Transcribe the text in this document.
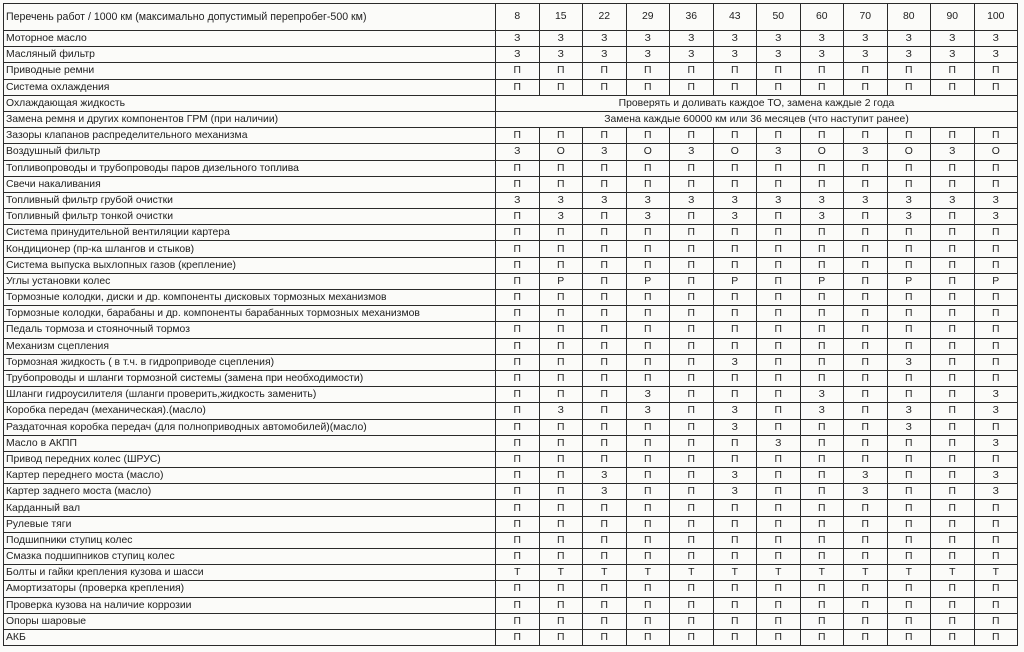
Перечень работ / 1000 км (максимально допустимый перепробег-500 км)	8	15	22	29	36	43	50	60	70	80	90	100
Моторное масло	З	З	З	З	З	З	З	З	З	З	З	З
Масляный фильтр	З	З	З	З	З	З	З	З	З	З	З	З
Приводные ремни	П	П	П	П	П	П	П	П	П	П	П	П
Система охлаждения	П	П	П	П	П	П	П	П	П	П	П	П
Охлаждающая жидкость	Проверять и доливать каждое ТО, замена каждые 2 года											
Замена ремня и других компонентов ГРМ (при наличии)	Замена каждые 60000 км или 36 месяцев (что наступит ранее)											
Зазоры клапанов распределительного механизма	П	П	П	П	П	П	П	П	П	П	П	П
Воздушный фильтр	З	О	З	О	З	О	З	О	З	О	З	О
Топливопроводы и трубопроводы паров дизельного топлива	П	П	П	П	П	П	П	П	П	П	П	П
Свечи накаливания	П	П	П	П	П	П	П	П	П	П	П	П
Топливный фильтр грубой очистки	З	З	З	З	З	З	З	З	З	З	З	З
Топливный фильтр тонкой очистки	П	З	П	З	П	З	П	З	П	З	П	З
Система принудительной вентиляции картера	П	П	П	П	П	П	П	П	П	П	П	П
Кондиционер (пр-ка шлангов и стыков)	П	П	П	П	П	П	П	П	П	П	П	П
Система выпуска выхлопных газов (крепление)	П	П	П	П	П	П	П	П	П	П	П	П
Углы установки колес	П	Р	П	Р	П	Р	П	Р	П	Р	П	Р
Тормозные колодки, диски и др. компоненты дисковых тормозных механизмов	П	П	П	П	П	П	П	П	П	П	П	П
Тормозные колодки, барабаны и др. компоненты барабанных тормозных механизмов	П	П	П	П	П	П	П	П	П	П	П	П
Педаль тормоза и стояночный тормоз	П	П	П	П	П	П	П	П	П	П	П	П
Механизм сцепления	П	П	П	П	П	П	П	П	П	П	П	П
Тормозная жидкость ( в т.ч. в гидроприводе сцепления)	П	П	П	П	П	З	П	П	П	З	П	П
Трубопроводы и шланги тормозной системы (замена при необходимости)	П	П	П	П	П	П	П	П	П	П	П	П
Шланги гидроусилителя (шланги проверить,жидкость заменить)	П	П	П	З	П	П	П	З	П	П	П	З
Коробка передач (механическая).(масло)	П	З	П	З	П	З	П	З	П	З	П	З
Раздаточная коробка передач (для полноприводных автомобилей)(масло)	П	П	П	П	П	З	П	П	П	З	П	П
Масло в АКПП	П	П	П	П	П	П	З	П	П	П	П	З
Привод передних колес (ШРУС)	П	П	П	П	П	П	П	П	П	П	П	П
Картер переднего моста (масло)	П	П	З	П	П	З	П	П	З	П	П	З
Картер заднего моста (масло)	П	П	З	П	П	З	П	П	З	П	П	З
Карданный вал	П	П	П	П	П	П	П	П	П	П	П	П
Рулевые тяги	П	П	П	П	П	П	П	П	П	П	П	П
Подшипники ступиц колес	П	П	П	П	П	П	П	П	П	П	П	П
Смазка подшипников ступиц колес	П	П	П	П	П	П	П	П	П	П	П	П
Болты и гайки крепления кузова и шасси	Т	Т	Т	Т	Т	Т	Т	Т	Т	Т	Т	Т
Амортизаторы (проверка крепления)	П	П	П	П	П	П	П	П	П	П	П	П
Проверка кузова на наличие коррозии	П	П	П	П	П	П	П	П	П	П	П	П
Опоры шаровые	П	П	П	П	П	П	П	П	П	П	П	П
АКБ	П	П	П	П	П	П	П	П	П	П	П	П
